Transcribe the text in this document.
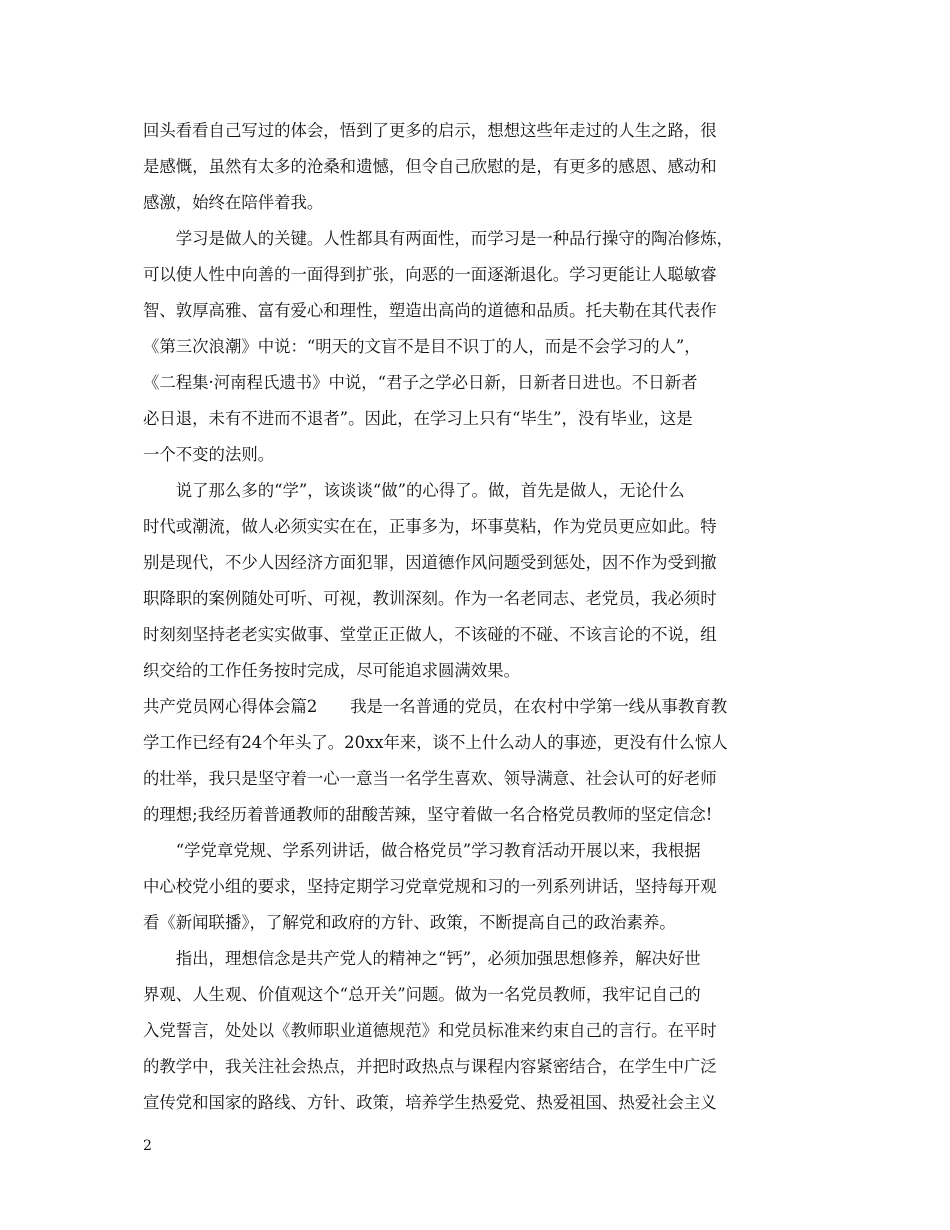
回头看看自己写过的体会，悟到了更多的启示，想想这些年走过的人生之路，很
是感慨，虽然有太多的沧桑和遗憾，但令自己欣慰的是，有更多的感恩、感动和
感激，始终在陪伴着我。
　　学习是做人的关键。人性都具有两面性，而学习是一种品行操守的陶冶修炼，
可以使人性中向善的一面得到扩张，向恶的一面逐渐退化。学习更能让人聪敏睿
智、敦厚高雅、富有爱心和理性，塑造出高尚的道德和品质。托夫勒在其代表作
《第三次浪潮》中说：“明天的文盲不是目不识丁的人，而是不会学习的人”，
《二程集·河南程氏遗书》中说，“君子之学必日新，日新者日进也。不日新者
必日退，未有不进而不退者”。因此，在学习上只有“毕生”，没有毕业，这是
一个不变的法则。
　　说了那么多的“学”，该谈谈“做”的心得了。做，首先是做人，无论什么
时代或潮流，做人必须实实在在，正事多为，坏事莫粘，作为党员更应如此。特
别是现代，不少人因经济方面犯罪，因道德作风问题受到惩处，因不作为受到撤
职降职的案例随处可听、可视，教训深刻。作为一名老同志、老党员，我必须时
时刻刻坚持老老实实做事、堂堂正正做人，不该碰的不碰、不该言论的不说，组
织交给的工作任务按时完成，尽可能追求圆满效果。
共产党员网心得体会篇2　　我是一名普通的党员，在农村中学第一线从事教育教
学工作已经有24个年头了。20xx年来，谈不上什么动人的事迹，更没有什么惊人
的壮举，我只是坚守着一心一意当一名学生喜欢、领导满意、社会认可的好老师
的理想;我经历着普通教师的甜酸苦辣，坚守着做一名合格党员教师的坚定信念!
　　“学党章党规、学系列讲话，做合格党员”学习教育活动开展以来，我根据
中心校党小组的要求，坚持定期学习党章党规和习的一列系列讲话，坚持每开观
看《新闻联播》，了解党和政府的方针、政策，不断提高自己的政治素养。
　　指出，理想信念是共产党人的精神之“钙”，必须加强思想修养，解决好世
界观、人生观、价值观这个“总开关”问题。做为一名党员教师，我牢记自己的
入党誓言，处处以《教师职业道德规范》和党员标准来约束自己的言行。在平时
的教学中，我关注社会热点，并把时政热点与课程内容紧密结合，在学生中广泛
宣传党和国家的路线、方针、政策，培养学生热爱党、热爱祖国、热爱社会主义
2
